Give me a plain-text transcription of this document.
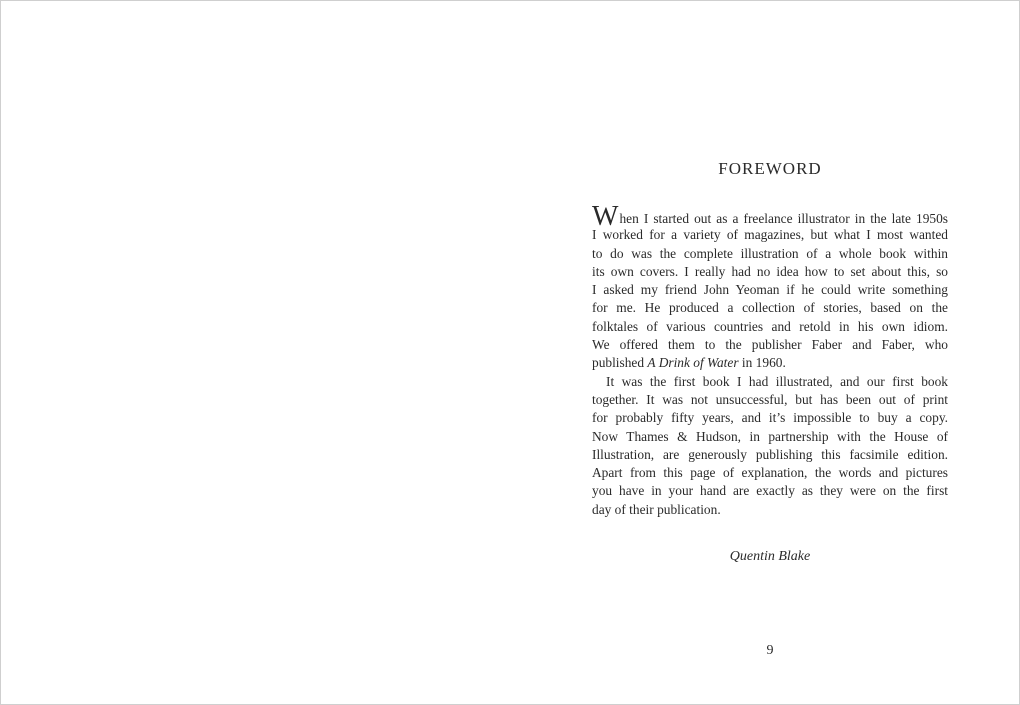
FOREWORD
When I started out as a freelance illustrator in the late 1950s
I worked for a variety of magazines, but what I most wanted
to do was the complete illustration of a whole book within
its own covers. I really had no idea how to set about this, so
I asked my friend John Yeoman if he could write something
for me. He produced a collection of stories, based on the
folktales of various countries and retold in his own idiom.
We offered them to the publisher Faber and Faber, who
published A Drink of Water in 1960.
It was the first book I had illustrated, and our first book
together. It was not unsuccessful, but has been out of print
for probably fifty years, and it’s impossible to buy a copy.
Now Thames & Hudson, in partnership with the House of
Illustration, are generously publishing this facsimile edition.
Apart from this page of explanation, the words and pictures
you have in your hand are exactly as they were on the first
day of their publication.
Quentin Blake
9
